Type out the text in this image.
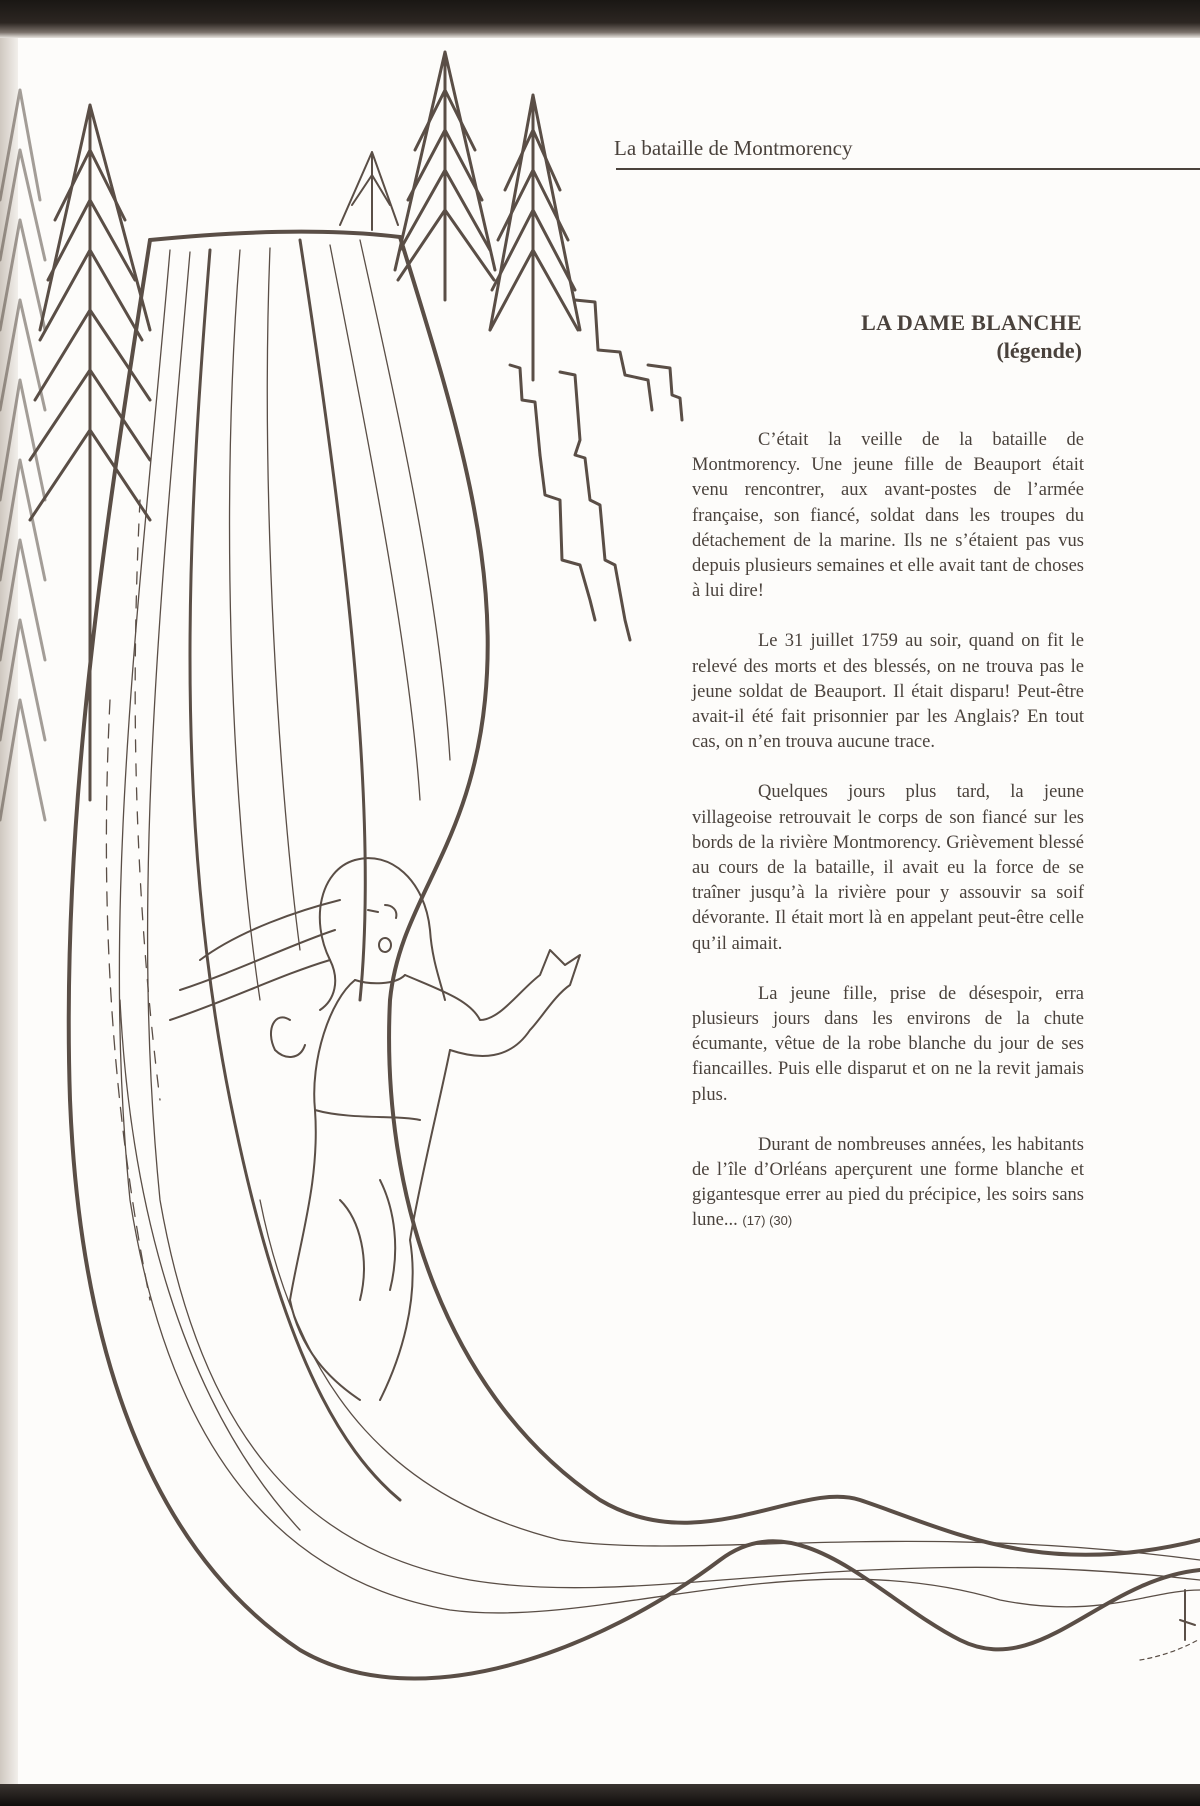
La bataille de Montmorency
LA DAME BLANCHE
(légende)

C’était la veille de la bataille de Montmorency. Une jeune fille de Beauport était venu rencontrer, aux avant-postes de l’armée française, son fiancé, soldat dans les troupes du détachement de la marine. Ils ne s’étaient pas vus depuis plusieurs semaines et elle avait tant de choses à lui dire!

Le 31 juillet 1759 au soir, quand on fit le relevé des morts et des blessés, on ne trouva pas le jeune soldat de Beauport. Il était disparu! Peut-être avait-il été fait prisonnier par les Anglais? En tout cas, on n’en trouva aucune trace.

Quelques jours plus tard, la jeune villageoise retrouvait le corps de son fiancé sur les bords de la rivière Montmorency. Grièvement blessé au cours de la bataille, il avait eu la force de se traîner jusqu’à la rivière pour y assouvir sa soif dévorante. Il était mort là en appelant peut-être celle qu’il aimait.

La jeune fille, prise de désespoir, erra plusieurs jours dans les environs de la chute écumante, vêtue de la robe blanche du jour de ses fiancailles. Puis elle disparut et on ne la revit jamais plus.

Durant de nombreuses années, les habitants de l’île d’Orléans aperçurent une forme blanche et gigantesque errer au pied du précipice, les soirs sans lune... (17) (30)
